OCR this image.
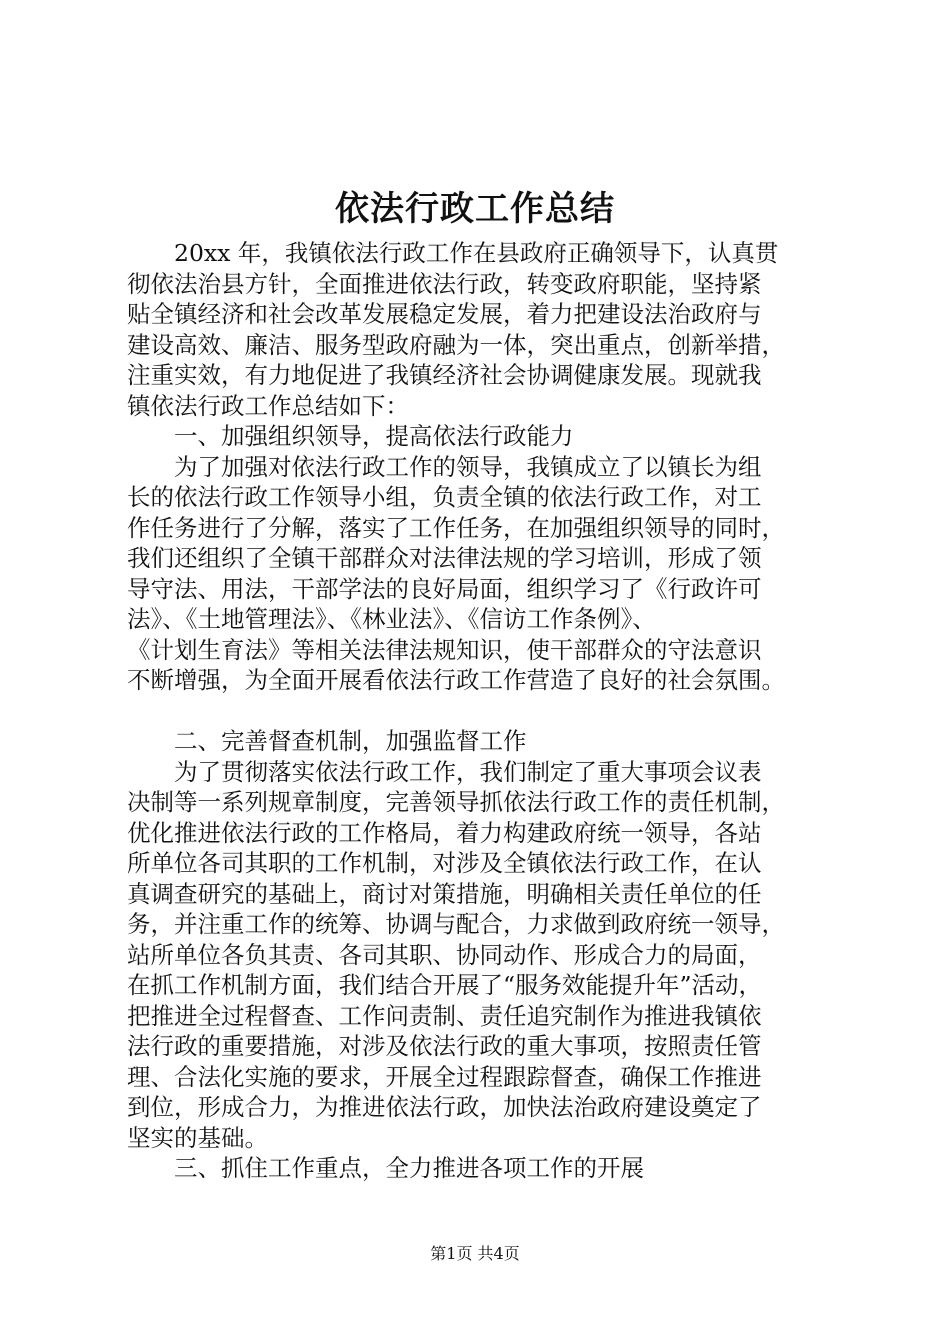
依法行政工作总结
20xx 年，我镇依法行政工作在县政府正确领导下，认真贯
彻依法治县方针，全面推进依法行政，转变政府职能，坚持紧
贴全镇经济和社会改革发展稳定发展，着力把建设法治政府与
建设高效、廉洁、服务型政府融为一体，突出重点，创新举措，
注重实效，有力地促进了我镇经济社会协调健康发展。现就我
镇依法行政工作总结如下：
一、加强组织领导，提高依法行政能力
为了加强对依法行政工作的领导，我镇成立了以镇长为组
长的依法行政工作领导小组，负责全镇的依法行政工作，对工
作任务进行了分解，落实了工作任务，在加强组织领导的同时，
我们还组织了全镇干部群众对法律法规的学习培训，形成了领
导守法、用法，干部学法的良好局面，组织学习了《行政许可
法》、《土地管理法》、《林业法》、《信访工作条例》、
《计划生育法》等相关法律法规知识，使干部群众的守法意识
不断增强，为全面开展看依法行政工作营造了良好的社会氛围。
二、完善督查机制，加强监督工作
为了贯彻落实依法行政工作，我们制定了重大事项会议表
决制等一系列规章制度，完善领导抓依法行政工作的责任机制，
优化推进依法行政的工作格局，着力构建政府统一领导，各站
所单位各司其职的工作机制，对涉及全镇依法行政工作，在认
真调查研究的基础上，商讨对策措施，明确相关责任单位的任
务，并注重工作的统筹、协调与配合，力求做到政府统一领导，
站所单位各负其责、各司其职、协同动作、形成合力的局面，
在抓工作机制方面，我们结合开展了“服务效能提升年”活动，
把推进全过程督查、工作问责制、责任追究制作为推进我镇依
法行政的重要措施，对涉及依法行政的重大事项，按照责任管
理、合法化实施的要求，开展全过程跟踪督查，确保工作推进
到位，形成合力，为推进依法行政，加快法治政府建设奠定了
坚实的基础。
三、抓住工作重点，全力推进各项工作的开展
第1页 共4页
